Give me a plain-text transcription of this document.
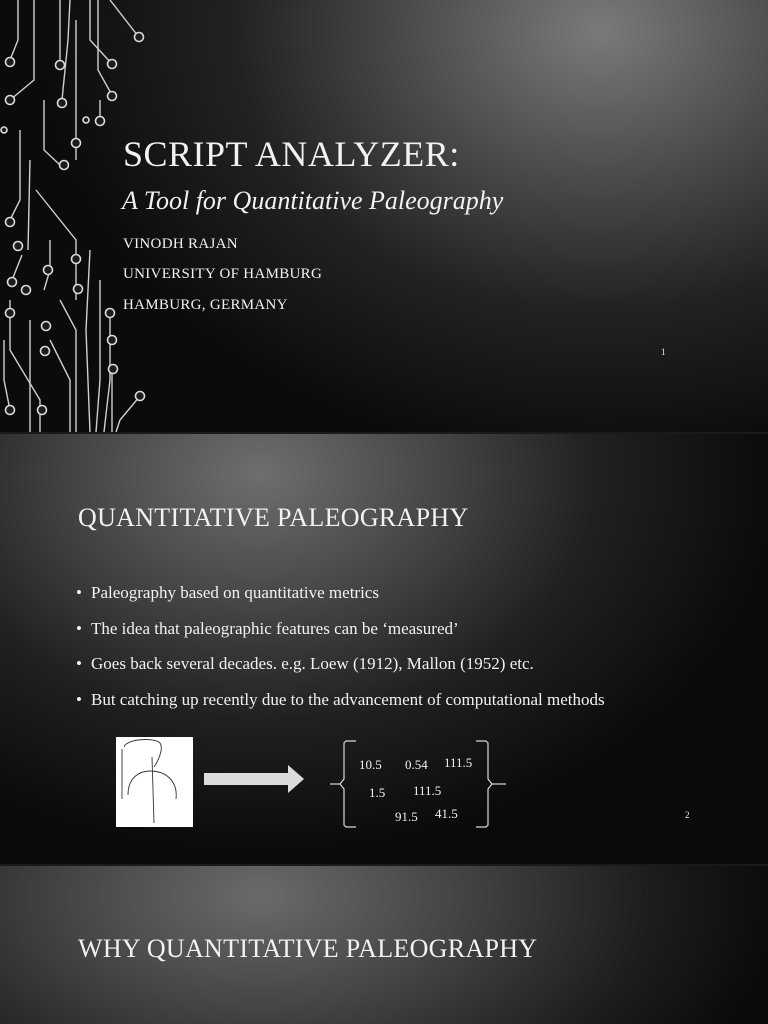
SCRIPT ANALYZER:
A Tool for Quantitative Paleography
VINODH RAJAN
UNIVERSITY OF HAMBURG
HAMBURG, GERMANY
1
QUANTITATIVE PALEOGRAPHY
• Paleography based on quantitative metrics
• The idea that paleographic features can be ‘measured’
• Goes back several decades. e.g. Loew (1912), Mallon (1952) etc.
• But catching up recently due to the advancement of computational methods
10.5 0.54 111.5
1.5 111.5
91.5 41.5	2
WHY QUANTITATIVE PALEOGRAPHY
